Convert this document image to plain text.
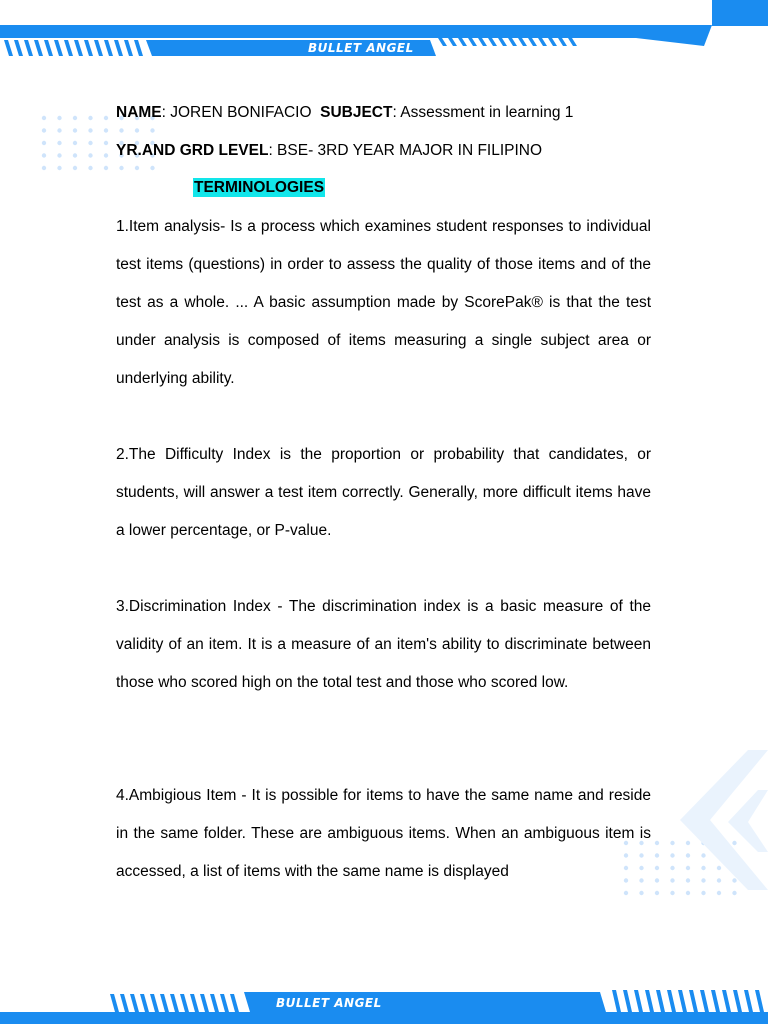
BULLET ANGEL
BULLET ANGEL
NAME: JOREN BONIFACIO SUBJECT: Assessment in learning 1
YR.AND GRD LEVEL: BSE- 3RD YEAR MAJOR IN FILIPINO
TERMINOLOGIES

1.Item analysis- Is a process which examines student responses to individual test items (questions) in order to assess the quality of those items and of the test as a whole. ... A basic assumption made by ScorePak® is that the test under analysis is composed of items measuring a single subject area or underlying ability.

2.The Difficulty Index is the proportion or probability that candidates, or students, will answer a test item correctly. Generally, more difficult items have a lower percentage, or P-value.

3.Discrimination Index - The discrimination index is a basic measure of the validity of an item. It is a measure of an item's ability to discriminate between those who scored high on the total test and those who scored low.

4.Ambigious Item - It is possible for items to have the same name and reside in the same folder. These are ambiguous items. When an ambiguous item is accessed, a list of items with the same name is displayed
